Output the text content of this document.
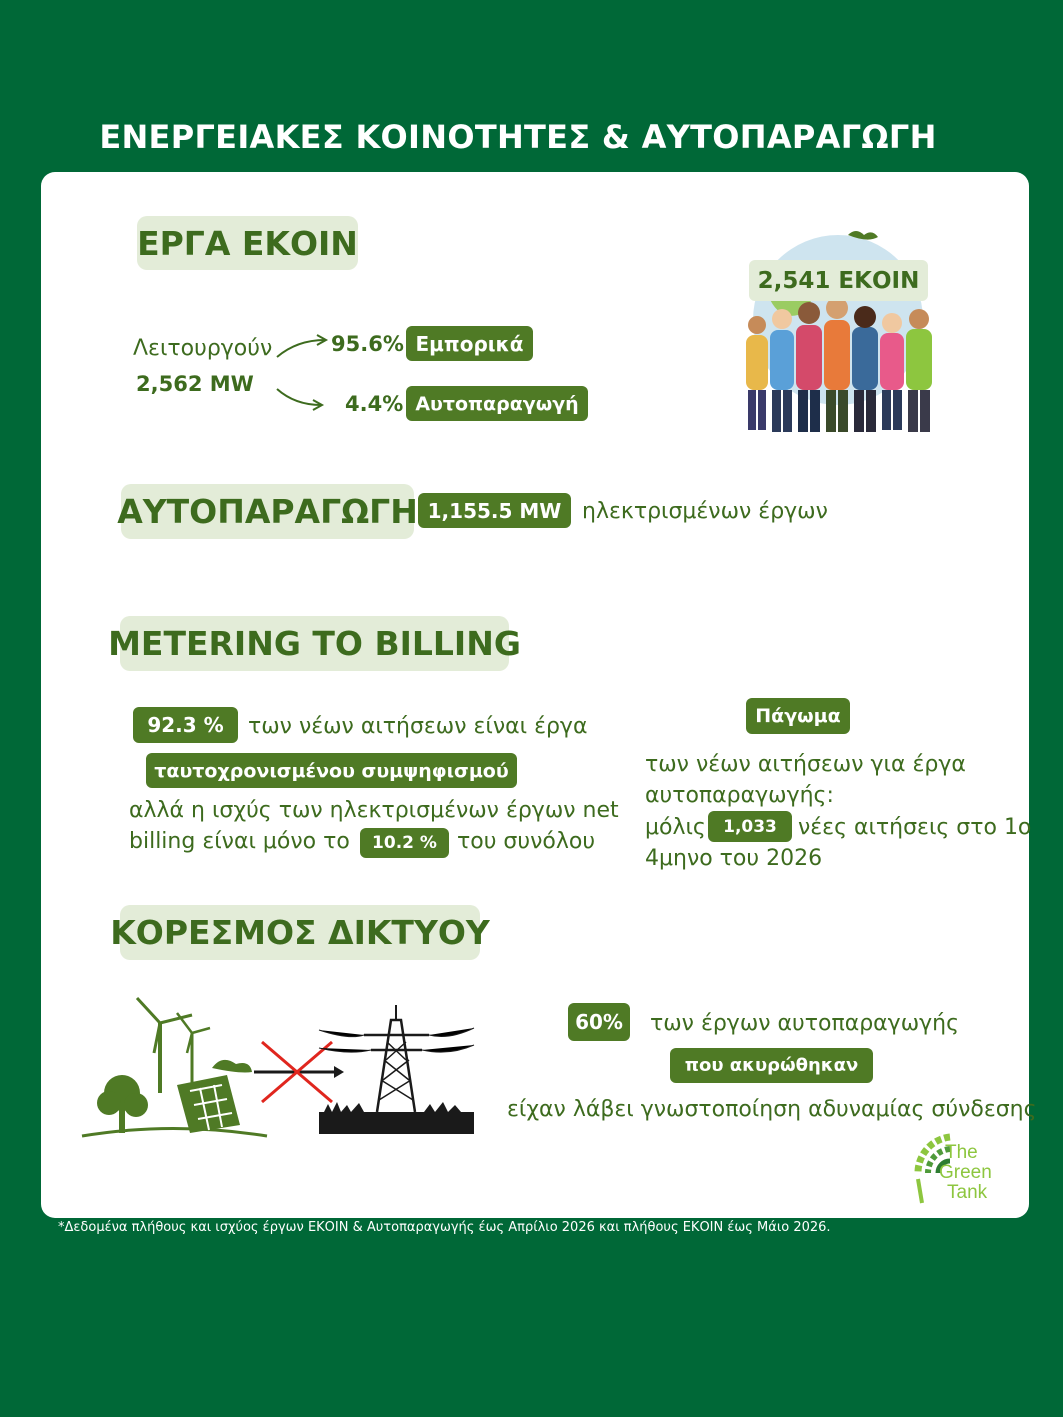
ΕΝΕΡΓΕΙΑΚΕΣ ΚΟΙΝΟΤΗΤΕΣ & ΑΥΤΟΠΑΡΑΓΩΓΗ
ΕΡΓΑ ΕΚΟΙΝ
Λειτουργούν
2,562 MW
95.6% Εμπορικά
4.4% Αυτοπαραγωγή
2,541 ΕΚΟΙΝ
ΑΥΤΟΠΑΡΑΓΩΓΗ 1,155.5 MW ηλεκτρισμένων έργων
METERING TO BILLING
92.3 %	των νέων αιτήσεων είναι έργα
ταυτοχρονισμένου συμψηφισμού
αλλά η ισχύς των ηλεκτρισμένων έργων net
billing είναι μόνο το	10.2 % του συνόλου
Πάγωμα
των νέων αιτήσεων για έργα
αυτοπαραγωγής:
μόλις	1,033 νέες αιτήσεις στο 1ο
4μηνο του 2026
ΚΟΡΕΣΜΟΣ ΔΙΚΤΥΟΥ
60%	των έργων αυτοπαραγωγής
που ακυρώθηκαν
είχαν λάβει γνωστοποίηση αδυναμίας σύνδεσης
The
Green
Tank
*Δεδομένα πλήθους και ισχύος έργων ΕΚΟΙΝ & Αυτοπαραγωγής έως Απρίλιο 2026 και πλήθους ΕΚΟΙΝ έως Μάιο 2026.
